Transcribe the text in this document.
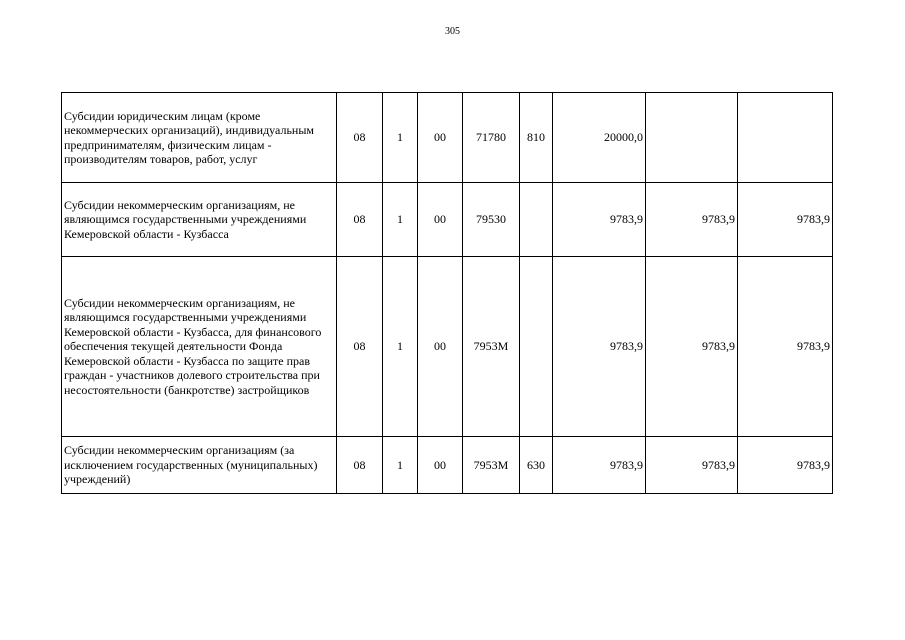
305
Субсидии юридическим лицам (кроме некоммерческих организаций), индивидуальным предпринимателям, физическим лицам - производителям товаров, работ, услуг	08	1	00	71780	810	20000,0		
Субсидии некоммерческим организациям, не являющимся государственными учреждениями Кемеровской области - Кузбасса	08	1	00	79530		9783,9	9783,9	9783,9
Субсидии некоммерческим организациям, не являющимся государственными учреждениями Кемеровской области - Кузбасса, для финансового обеспечения текущей деятельности Фонда Кемеровской области - Кузбасса по защите прав граждан - участников долевого строительства при несостоятельности (банкротстве) застройщиков	08	1	00	7953М		9783,9	9783,9	9783,9
Субсидии некоммерческим организациям (за исключением государственных (муниципальных) учреждений)	08	1	00	7953М	630	9783,9	9783,9	9783,9
